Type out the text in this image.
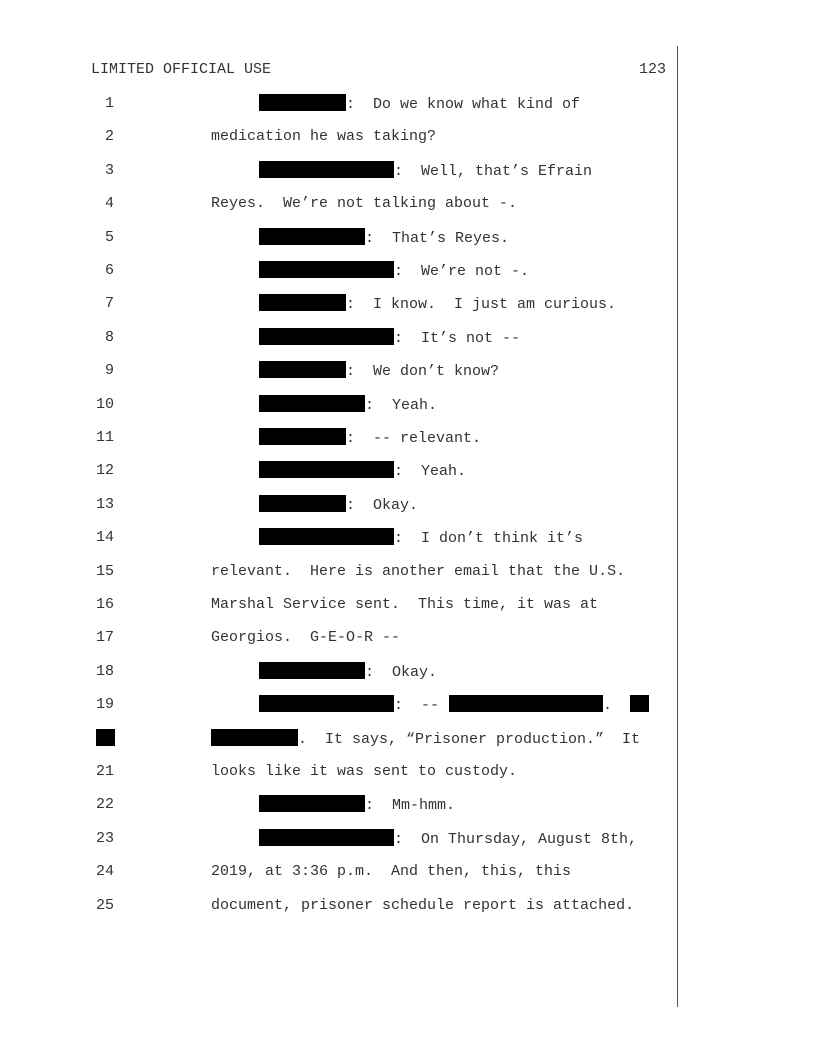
LIMITED OFFICIAL USE	123
1	:  Do we know what kind of
2	medication he was taking?
3	:  Well, that’s Efrain
4	Reyes.  We’re not talking about -.
5	:  That’s Reyes.
6	:  We’re not -.
7	:  I know.  I just am curious.
8	:  It’s not --
9	:  We don’t know?
10	:  Yeah.
11	:  -- relevant.
12	:  Yeah.
13	:  Okay.
14	:  I don’t think it’s
15	relevant.  Here is another email that the U.S.
16	Marshal Service sent.  This time, it was at
17	Georgios.  G-E-O-R --
18	:  Okay.
19	:  --	.
.  It says, “Prisoner production.”  It
21	looks like it was sent to custody.
22	:  Mm-hmm.
23	:  On Thursday, August 8th,
24	2019, at 3:36 p.m.  And then, this, this
25	document, prisoner schedule report is attached.
